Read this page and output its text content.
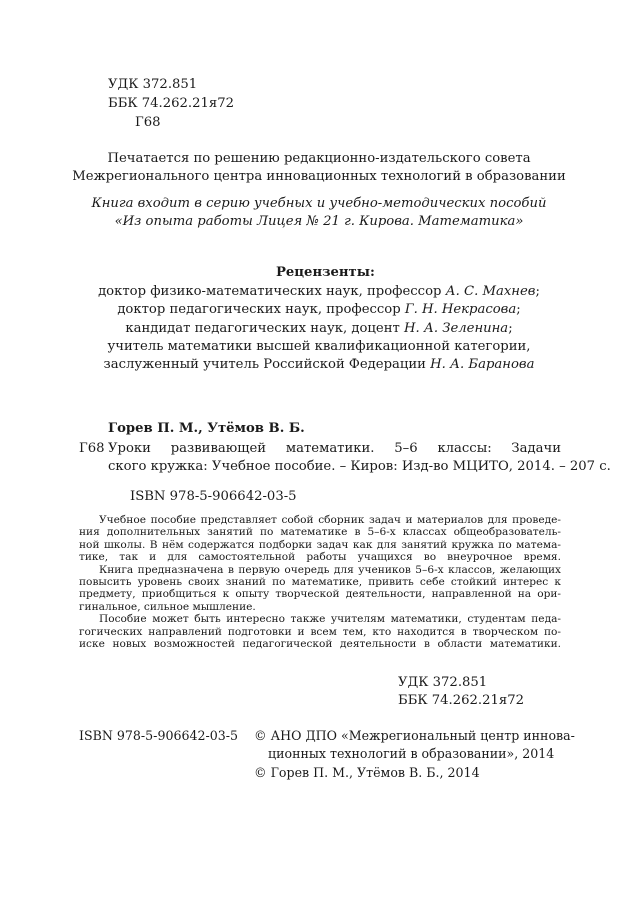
УДК 372.851
ББК 74.262.21я72
Г68
Печатается по решению редакционно-издательского совета
Межрегионального центра инновационных технологий в образовании
Книга входит в серию учебных и учебно-методических пособий
«Из опыта работы Лицея № 21 г. Кирова. Математика»
Рецензенты:
доктор физико-математических наук, профессор А. С. Махнев;
доктор педагогических наук, профессор Г. Н. Некрасова;
кандидат педагогических наук, доцент Н. А. Зеленина;
учитель математики высшей квалификационной категории,
заслуженный учитель Российской Федерации Н. А. Баранова
Горев П. М., Утёмов В. Б.
Г68 Уроки развивающей математики. 5–6 классы: Задачи
ского кружка: Учебное пособие. – Киров: Изд-во МЦИТО, 2014. – 207 с.
ISBN 978-5-906642-03-5
Учебное пособие представляет собой сборник задач и материалов для проведе-
ния дополнительных занятий по математике в 5–6-х классах общеобразователь-
ной школы. В нём содержатся подборки задач как для занятий кружка по матема-
тике, так и для самостоятельной работы учащихся во внеурочное время.
Книга предназначена в первую очередь для учеников 5–6-х классов, желающих
повысить уровень своих знаний по математике, привить себе стойкий интерес к
предмету, приобщиться к опыту творческой деятельности, направленной на ори-
гинальное, сильное мышление.
Пособие может быть интересно также учителям математики, студентам педа-
гогических направлений подготовки и всем тем, кто находится в творческом по-
иске новых возможностей педагогической деятельности в области математики.
УДК 372.851
ББК 74.262.21я72
ISBN 978-5-906642-03-5 © АНО ДПО «Межрегиональный центр иннова-
ционных технологий в образовании», 2014
© Горев П. М., Утёмов В. Б., 2014
